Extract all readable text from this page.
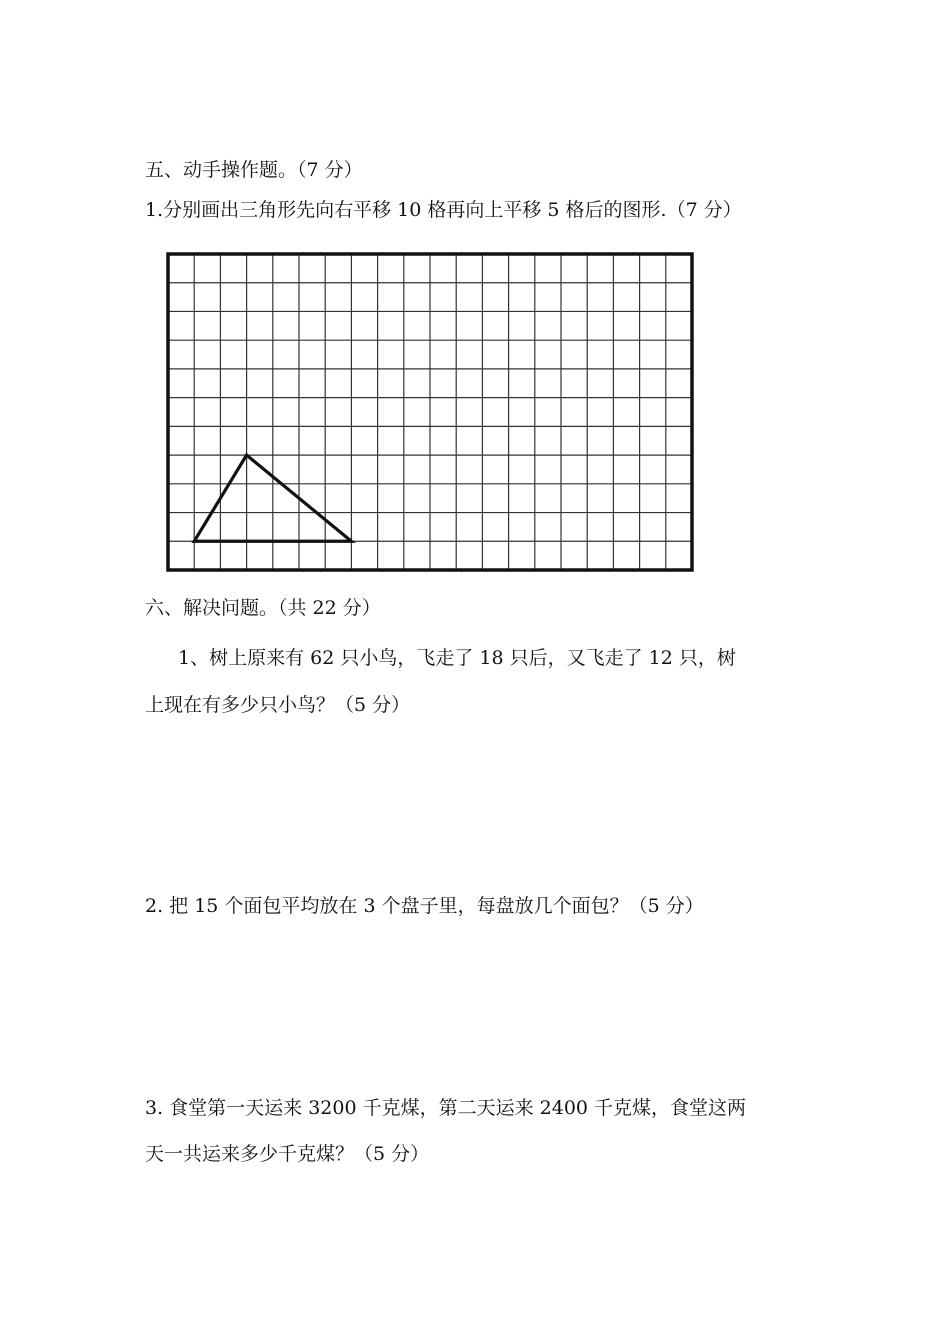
五、动手操作题。（7 分）
1.分别画出三角形先向右平移 10 格再向上平移 5 格后的图形.（7 分）
六、解决问题。（共 22 分）
1、树上原来有 62 只小鸟，飞走了 18 只后，又飞走了 12 只，树
上现在有多少只小鸟？（5 分）
2. 把 15 个面包平均放在 3 个盘子里，每盘放几个面包？（5 分）
3. 食堂第一天运来 3200 千克煤，第二天运来 2400 千克煤，食堂这两
天一共运来多少千克煤？（5 分）
